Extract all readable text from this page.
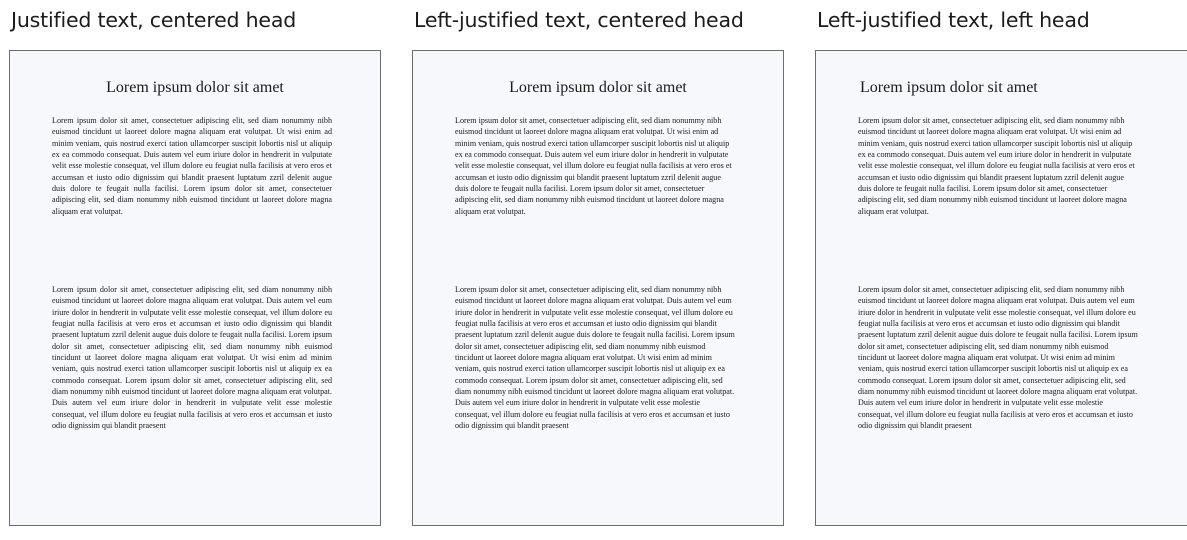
Justified text, centered head
Lorem ipsum dolor sit amet

Lorem ipsum dolor sit amet, consectetuer adipiscing elit, sed diam nonummy nibh euismod tincidunt ut laoreet dolore magna aliquam erat volutpat. Ut wisi enim ad minim veniam, quis nostrud exerci tation ullamcorper suscipit lobortis nisl ut aliquip ex ea commodo consequat. Duis autem vel eum iriure dolor in hendrerit in vulputate velit esse molestie consequat, vel illum dolore eu feugiat nulla facilisis at vero eros et accumsan et iusto odio dignissim qui blandit praesent luptatum zzril delenit augue duis dolore te feugait nulla facilisi. Lorem ipsum dolor sit amet, consectetuer adipiscing elit, sed diam nonummy nibh euismod tincidunt ut laoreet dolore magna aliquam erat volutpat.

Lorem ipsum dolor sit amet, consectetuer adipiscing elit, sed diam nonummy nibh euismod tincidunt ut laoreet dolore magna aliquam erat volutpat. Duis autem vel eum iriure dolor in hendrerit in vulputate velit esse molestie consequat, vel illum dolore eu feugiat nulla facilisis at vero eros et accumsan et iusto odio dignissim qui blandit praesent luptatum zzril delenit augue duis dolore te feugait nulla facilisi. Lorem ipsum dolor sit amet, consectetuer adipiscing elit, sed diam nonummy nibh euismod tincidunt ut laoreet dolore magna aliquam erat volutpat. Ut wisi enim ad minim veniam, quis nostrud exerci tation ullamcorper suscipit lobortis nisl ut aliquip ex ea commodo consequat. Lorem ipsum dolor sit amet, consectetuer adipiscing elit, sed diam nonummy nibh euismod tincidunt ut laoreet dolore magna aliquam erat volutpat. Duis autem vel eum iriure dolor in hendrerit in vulputate velit esse molestie consequat, vel illum dolore eu feugiat nulla facilisis at vero eros et accumsan et iusto odio dignissim qui blandit praesent

Left-justified text, centered head
Lorem ipsum dolor sit amet

Lorem ipsum dolor sit amet, consectetuer adipiscing elit, sed diam nonummy nibh euismod tincidunt ut laoreet dolore magna aliquam erat volutpat. Ut wisi enim ad minim veniam, quis nostrud exerci tation ullamcorper suscipit lobortis nisl ut aliquip ex ea commodo consequat. Duis autem vel eum iriure dolor in hendrerit in vulputate velit esse molestie consequat, vel illum dolore eu feugiat nulla facilisis at vero eros et accumsan et iusto odio dignissim qui blandit praesent luptatum zzril delenit augue duis dolore te feugait nulla facilisi. Lorem ipsum dolor sit amet, consectetuer adipiscing elit, sed diam nonummy nibh euismod tincidunt ut laoreet dolore magna aliquam erat volutpat.

Lorem ipsum dolor sit amet, consectetuer adipiscing elit, sed diam nonummy nibh euismod tincidunt ut laoreet dolore magna aliquam erat volutpat. Duis autem vel eum iriure dolor in hendrerit in vulputate velit esse molestie consequat, vel illum dolore eu feugiat nulla facilisis at vero eros et accumsan et iusto odio dignissim qui blandit praesent luptatum zzril delenit augue duis dolore te feugait nulla facilisi. Lorem ipsum dolor sit amet, consectetuer adipiscing elit, sed diam nonummy nibh euismod tincidunt ut laoreet dolore magna aliquam erat volutpat. Ut wisi enim ad minim veniam, quis nostrud exerci tation ullamcorper suscipit lobortis nisl ut aliquip ex ea commodo consequat. Lorem ipsum dolor sit amet, consectetuer adipiscing elit, sed diam nonummy nibh euismod tincidunt ut laoreet dolore magna aliquam erat volutpat. Duis autem vel eum iriure dolor in hendrerit in vulputate velit esse molestie consequat, vel illum dolore eu feugiat nulla facilisis at vero eros et accumsan et iusto odio dignissim qui blandit praesent

Left-justified text, left head
Lorem ipsum dolor sit amet

Lorem ipsum dolor sit amet, consectetuer adipiscing elit, sed diam nonummy nibh euismod tincidunt ut laoreet dolore magna aliquam erat volutpat. Ut wisi enim ad minim veniam, quis nostrud exerci tation ullamcorper suscipit lobortis nisl ut aliquip ex ea commodo consequat. Duis autem vel eum iriure dolor in hendrerit in vulputate velit esse molestie consequat, vel illum dolore eu feugiat nulla facilisis at vero eros et accumsan et iusto odio dignissim qui blandit praesent luptatum zzril delenit augue duis dolore te feugait nulla facilisi. Lorem ipsum dolor sit amet, consectetuer adipiscing elit, sed diam nonummy nibh euismod tincidunt ut laoreet dolore magna aliquam erat volutpat.

Lorem ipsum dolor sit amet, consectetuer adipiscing elit, sed diam nonummy nibh euismod tincidunt ut laoreet dolore magna aliquam erat volutpat. Duis autem vel eum iriure dolor in hendrerit in vulputate velit esse molestie consequat, vel illum dolore eu feugiat nulla facilisis at vero eros et accumsan et iusto odio dignissim qui blandit praesent luptatum zzril delenit augue duis dolore te feugait nulla facilisi. Lorem ipsum dolor sit amet, consectetuer adipiscing elit, sed diam nonummy nibh euismod tincidunt ut laoreet dolore magna aliquam erat volutpat. Ut wisi enim ad minim veniam, quis nostrud exerci tation ullamcorper suscipit lobortis nisl ut aliquip ex ea commodo consequat. Lorem ipsum dolor sit amet, consectetuer adipiscing elit, sed diam nonummy nibh euismod tincidunt ut laoreet dolore magna aliquam erat volutpat. Duis autem vel eum iriure dolor in hendrerit in vulputate velit esse molestie consequat, vel illum dolore eu feugiat nulla facilisis at vero eros et accumsan et iusto odio dignissim qui blandit praesent
